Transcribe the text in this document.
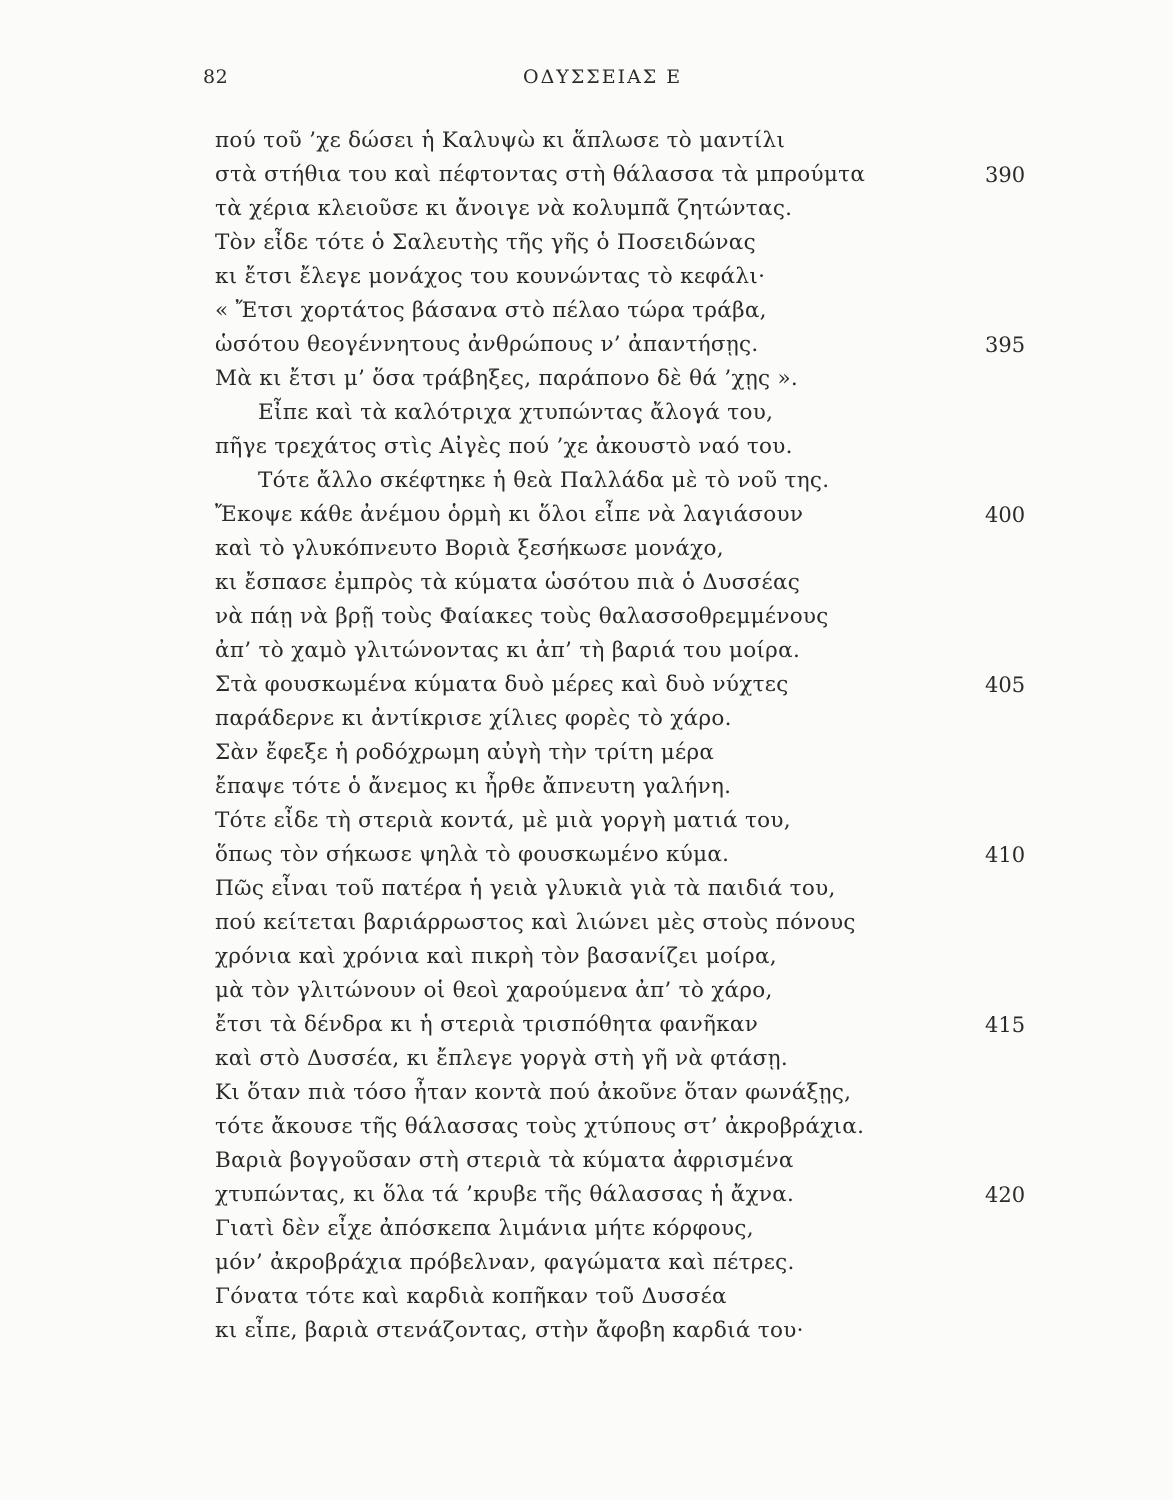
82	ΟΔΥΣΣΕΙΑΣ Ε
πού τοῦ ’χε δώσει ἡ Καλυψὼ κι ἅπλωσε τὸ μαντίλι
στὰ στήθια του καὶ πέφτοντας στὴ θάλασσα τὰ μπρούμτα	390
τὰ χέρια κλειοῦσε κι ἄνοιγε νὰ κολυμπᾶ ζητώντας.
Τὸν εἶδε τότε ὁ Σαλευτὴς τῆς γῆς ὁ Ποσειδώνας
κι ἔτσι ἔλεγε μονάχος του κουνώντας τὸ κεφάλι·
« Ἔτσι χορτάτος βάσανα στὸ πέλαο τώρα τράβα,
ὡσότου θεογέννητους ἀνθρώπους ν’ ἀπαντήσῃς.	395
Μὰ κι ἔτσι μ’ ὅσα τράβηξες, παράπονο δὲ θά ’χῃς ».
Εἶπε καὶ τὰ καλότριχα χτυπώντας ἄλογά του,
πῆγε τρεχάτος στὶς Αἰγὲς πού ’χε ἀκουστὸ ναό του.
Τότε ἄλλο σκέφτηκε ἡ θεὰ Παλλάδα μὲ τὸ νοῦ της.
Ἔκοψε κάθε ἀνέμου ὁρμὴ κι ὅλοι εἶπε νὰ λαγιάσουν	400
καὶ τὸ γλυκόπνευτο Βοριὰ ξεσήκωσε μονάχο,
κι ἔσπασε ἐμπρὸς τὰ κύματα ὡσότου πιὰ ὁ Δυσσέας
νὰ πάῃ νὰ βρῇ τοὺς Φαίακες τοὺς θαλασσοθρεμμένους
ἀπ’ τὸ χαμὸ γλιτώνοντας κι ἀπ’ τὴ βαριά του μοίρα.
Στὰ φουσκωμένα κύματα δυὸ μέρες καὶ δυὸ νύχτες	405
παράδερνε κι ἀντίκρισε χίλιες φορὲς τὸ χάρο.
Σὰν ἔφεξε ἡ ροδόχρωμη αὐγὴ τὴν τρίτη μέρα
ἔπαψε τότε ὁ ἄνεμος κι ἦρθε ἄπνευτη γαλήνη.
Τότε εἶδε τὴ στεριὰ κοντά, μὲ μιὰ γοργὴ ματιά του,
ὅπως τὸν σήκωσε ψηλὰ τὸ φουσκωμένο κύμα.	410
Πῶς εἶναι τοῦ πατέρα ἡ γειὰ γλυκιὰ γιὰ τὰ παιδιά του,
πού κείτεται βαριάρρωστος καὶ λιώνει μὲς στοὺς πόνους
χρόνια καὶ χρόνια καὶ πικρὴ τὸν βασανίζει μοίρα,
μὰ τὸν γλιτώνουν οἱ θεοὶ χαρούμενα ἀπ’ τὸ χάρο,
ἔτσι τὰ δένδρα κι ἡ στεριὰ τρισπόθητα φανῆκαν	415
καὶ στὸ Δυσσέα, κι ἔπλεγε γοργὰ στὴ γῆ νὰ φτάσῃ.
Κι ὅταν πιὰ τόσο ἦταν κοντὰ πού ἀκοῦνε ὅταν φωνάξῃς,
τότε ἄκουσε τῆς θάλασσας τοὺς χτύπους στ’ ἀκροβράχια.
Βαριὰ βογγοῦσαν στὴ στεριὰ τὰ κύματα ἀφρισμένα
χτυπώντας, κι ὅλα τά ’κρυβε τῆς θάλασσας ἡ ἄχνα.	420
Γιατὶ δὲν εἶχε ἀπόσκεπα λιμάνια μήτε κόρφους,
μόν’ ἀκροβράχια πρόβελναν, φαγώματα καὶ πέτρες.
Γόνατα τότε καὶ καρδιὰ κοπῆκαν τοῦ Δυσσέα
κι εἶπε, βαριὰ στενάζοντας, στὴν ἄφοβη καρδιά του·
